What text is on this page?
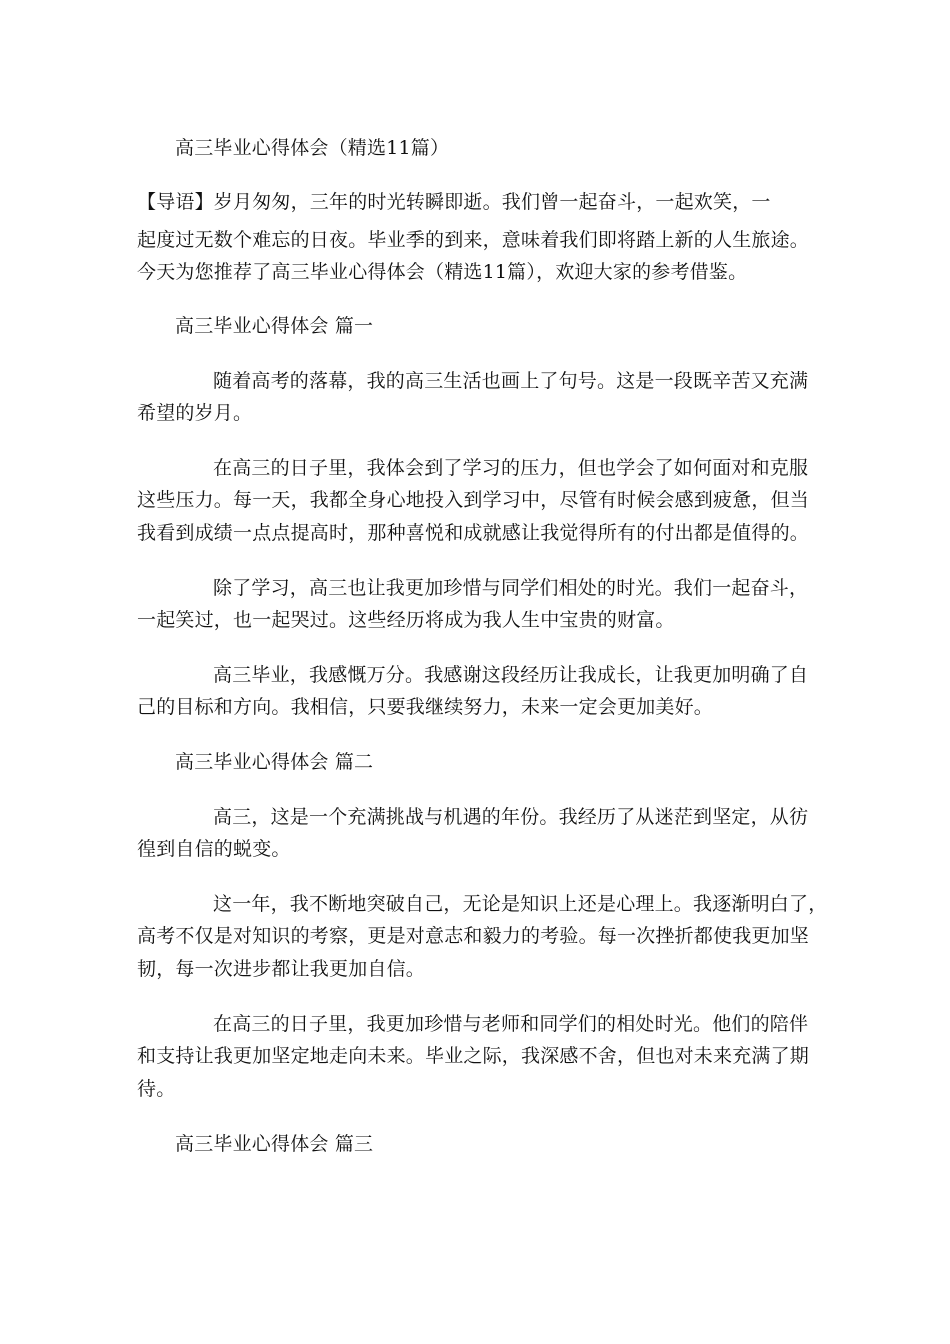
高三毕业心得体会（精选11篇）
【导语】岁月匆匆，三年的时光转瞬即逝。我们曾一起奋斗，一起欢笑，一
起度过无数个难忘的日夜。毕业季的到来，意味着我们即将踏上新的人生旅途。
今天为您推荐了高三毕业心得体会（精选11篇），欢迎大家的参考借鉴。
高三毕业心得体会 篇一
随着高考的落幕，我的高三生活也画上了句号。这是一段既辛苦又充满
希望的岁月。
在高三的日子里，我体会到了学习的压力，但也学会了如何面对和克服
这些压力。每一天，我都全身心地投入到学习中，尽管有时候会感到疲惫，但当
我看到成绩一点点提高时，那种喜悦和成就感让我觉得所有的付出都是值得的。
除了学习，高三也让我更加珍惜与同学们相处的时光。我们一起奋斗，
一起笑过，也一起哭过。这些经历将成为我人生中宝贵的财富。
高三毕业，我感慨万分。我感谢这段经历让我成长，让我更加明确了自
己的目标和方向。我相信，只要我继续努力，未来一定会更加美好。
高三毕业心得体会 篇二
高三，这是一个充满挑战与机遇的年份。我经历了从迷茫到坚定，从彷
徨到自信的蜕变。
这一年，我不断地突破自己，无论是知识上还是心理上。我逐渐明白了，
高考不仅是对知识的考察，更是对意志和毅力的考验。每一次挫折都使我更加坚
韧，每一次进步都让我更加自信。
在高三的日子里，我更加珍惜与老师和同学们的相处时光。他们的陪伴
和支持让我更加坚定地走向未来。毕业之际，我深感不舍，但也对未来充满了期
待。
高三毕业心得体会 篇三
